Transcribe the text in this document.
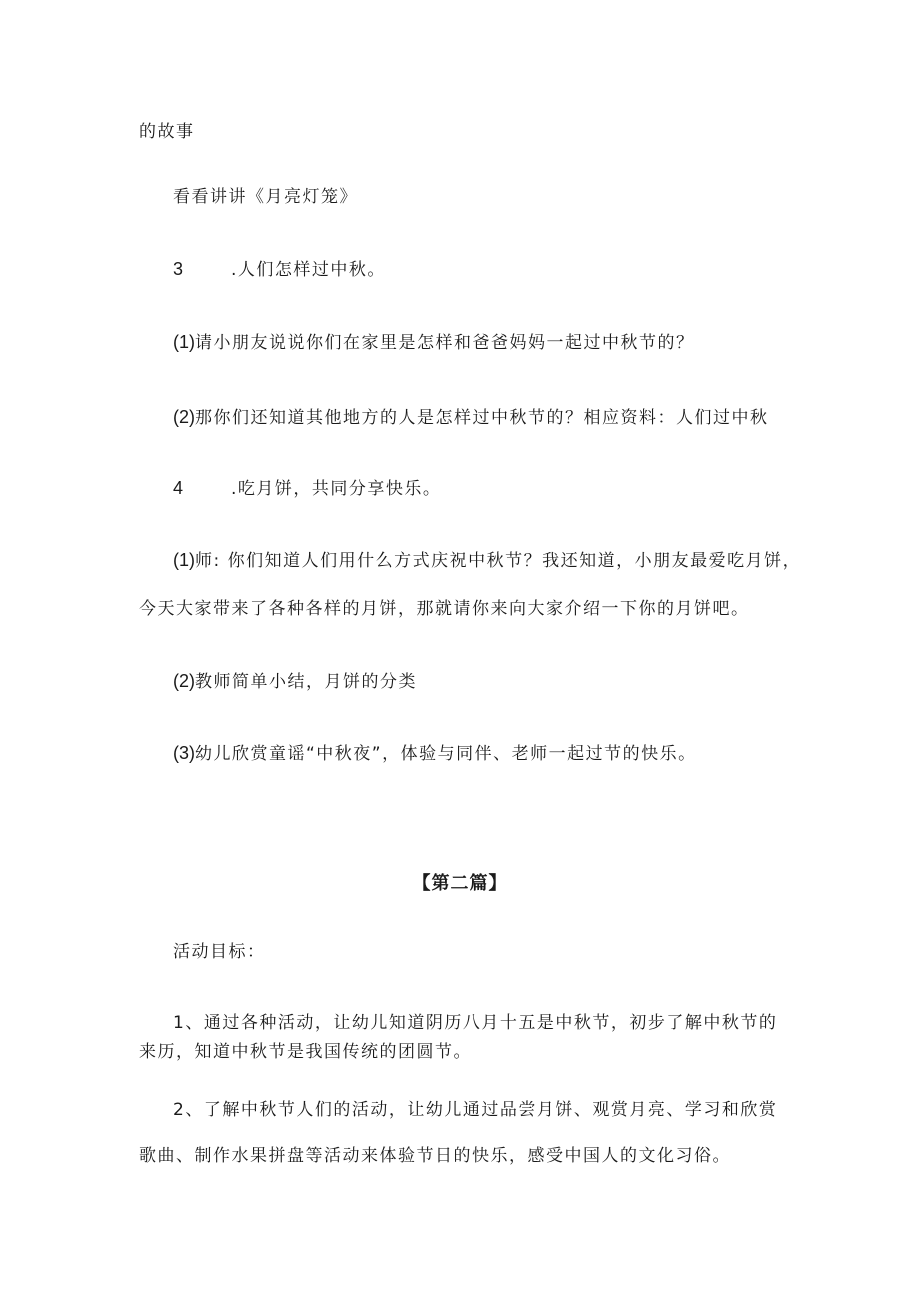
的故事
看看讲讲《月亮灯笼》
3	.人们怎样过中秋。
(1)请小朋友说说你们在家里是怎样和爸爸妈妈一起过中秋节的？
(2)那你们还知道其他地方的人是怎样过中秋节的？相应资料：人们过中秋
4	.吃月饼，共同分享快乐。
(1)师: 你们知道人们用什么方式庆祝中秋节？我还知道，小朋友最爱吃月饼，
今天大家带来了各种各样的月饼，那就请你来向大家介绍一下你的月饼吧。
(2)教师简单小结，月饼的分类
(3)幼儿欣赏童谣“中秋夜”，体验与同伴、老师一起过节的快乐。
【第二篇】
活动目标：
1、通过各种活动，让幼儿知道阴历八月十五是中秋节，初步了解中秋节的
来历，知道中秋节是我国传统的团圆节。
2、了解中秋节人们的活动，让幼儿通过品尝月饼、观赏月亮、学习和欣赏
歌曲、制作水果拼盘等活动来体验节日的快乐，感受中国人的文化习俗。
